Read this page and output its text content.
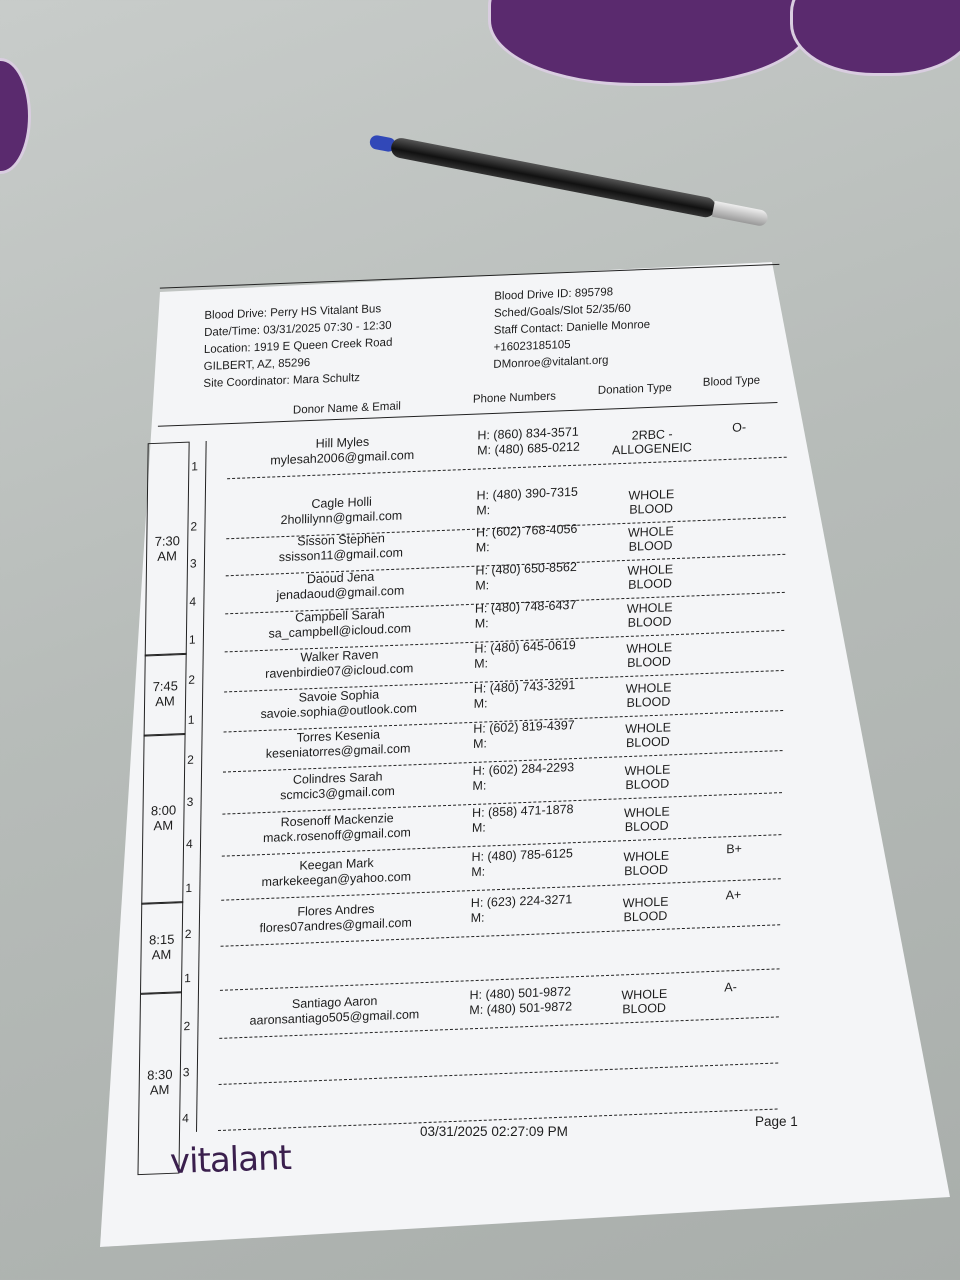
Blood Drive: Perry HS Vitalant Bus
Date/Time: 03/31/2025 07:30 - 12:30
Location: 1919 E Queen Creek Road
GILBERT, AZ, 85296
Site Coordinator: Mara Schultz
Blood Drive ID: 895798
Sched/Goals/Slot 52/35/60
Staff Contact: Danielle Monroe
+16023185105
DMonroe@vitalant.org
Donor Name & Email
Phone Numbers
Donation Type
Blood Type
7:30 AM
7:45 AM
8:00 AM
8:15 AM
8:30 AM
1
Hill Myles
mylesah2006@gmail.com
H: (860) 834-3571
M: (480) 685-0212
2RBC -
ALLOGENEIC
O-
2
Cagle Holli
2hollilynn@gmail.com
H: (480) 390-7315
M:
WHOLE BLOOD
3
Sisson Stephen
ssisson11@gmail.com
H: (602) 768-4056
M:
WHOLE BLOOD
4
Daoud Jena
jenadaoud@gmail.com
H: (480) 650-8562
M:
WHOLE BLOOD
1
Campbell Sarah
sa_campbell@icloud.com
H: (480) 748-6437
M:
WHOLE BLOOD
2
Walker Raven
ravenbirdie07@icloud.com
H: (480) 645-0619
M:
WHOLE BLOOD
1
Savoie Sophia
savoie.sophia@outlook.com
H: (480) 743-3291
M:
WHOLE BLOOD
2
Torres Kesenia
keseniatorres@gmail.com
H: (602) 819-4397
M:
WHOLE BLOOD
3
Colindres Sarah
scmcic3@gmail.com
H: (602) 284-2293
M:
WHOLE BLOOD
4
Rosenoff Mackenzie
mack.rosenoff@gmail.com
H: (858) 471-1878
M:
WHOLE BLOOD
1
Keegan Mark
markekeegan@yahoo.com
H: (480) 785-6125
M:
WHOLE BLOOD
B+
2
Flores Andres
flores07andres@gmail.com
H: (623) 224-3271
M:
WHOLE BLOOD
A+
1
2
Santiago Aaron
aaronsantiago505@gmail.com
H: (480) 501-9872
M: (480) 501-9872
WHOLE BLOOD
A-
3
4
03/31/2025 02:27:09 PM
Page 1
vitalant
